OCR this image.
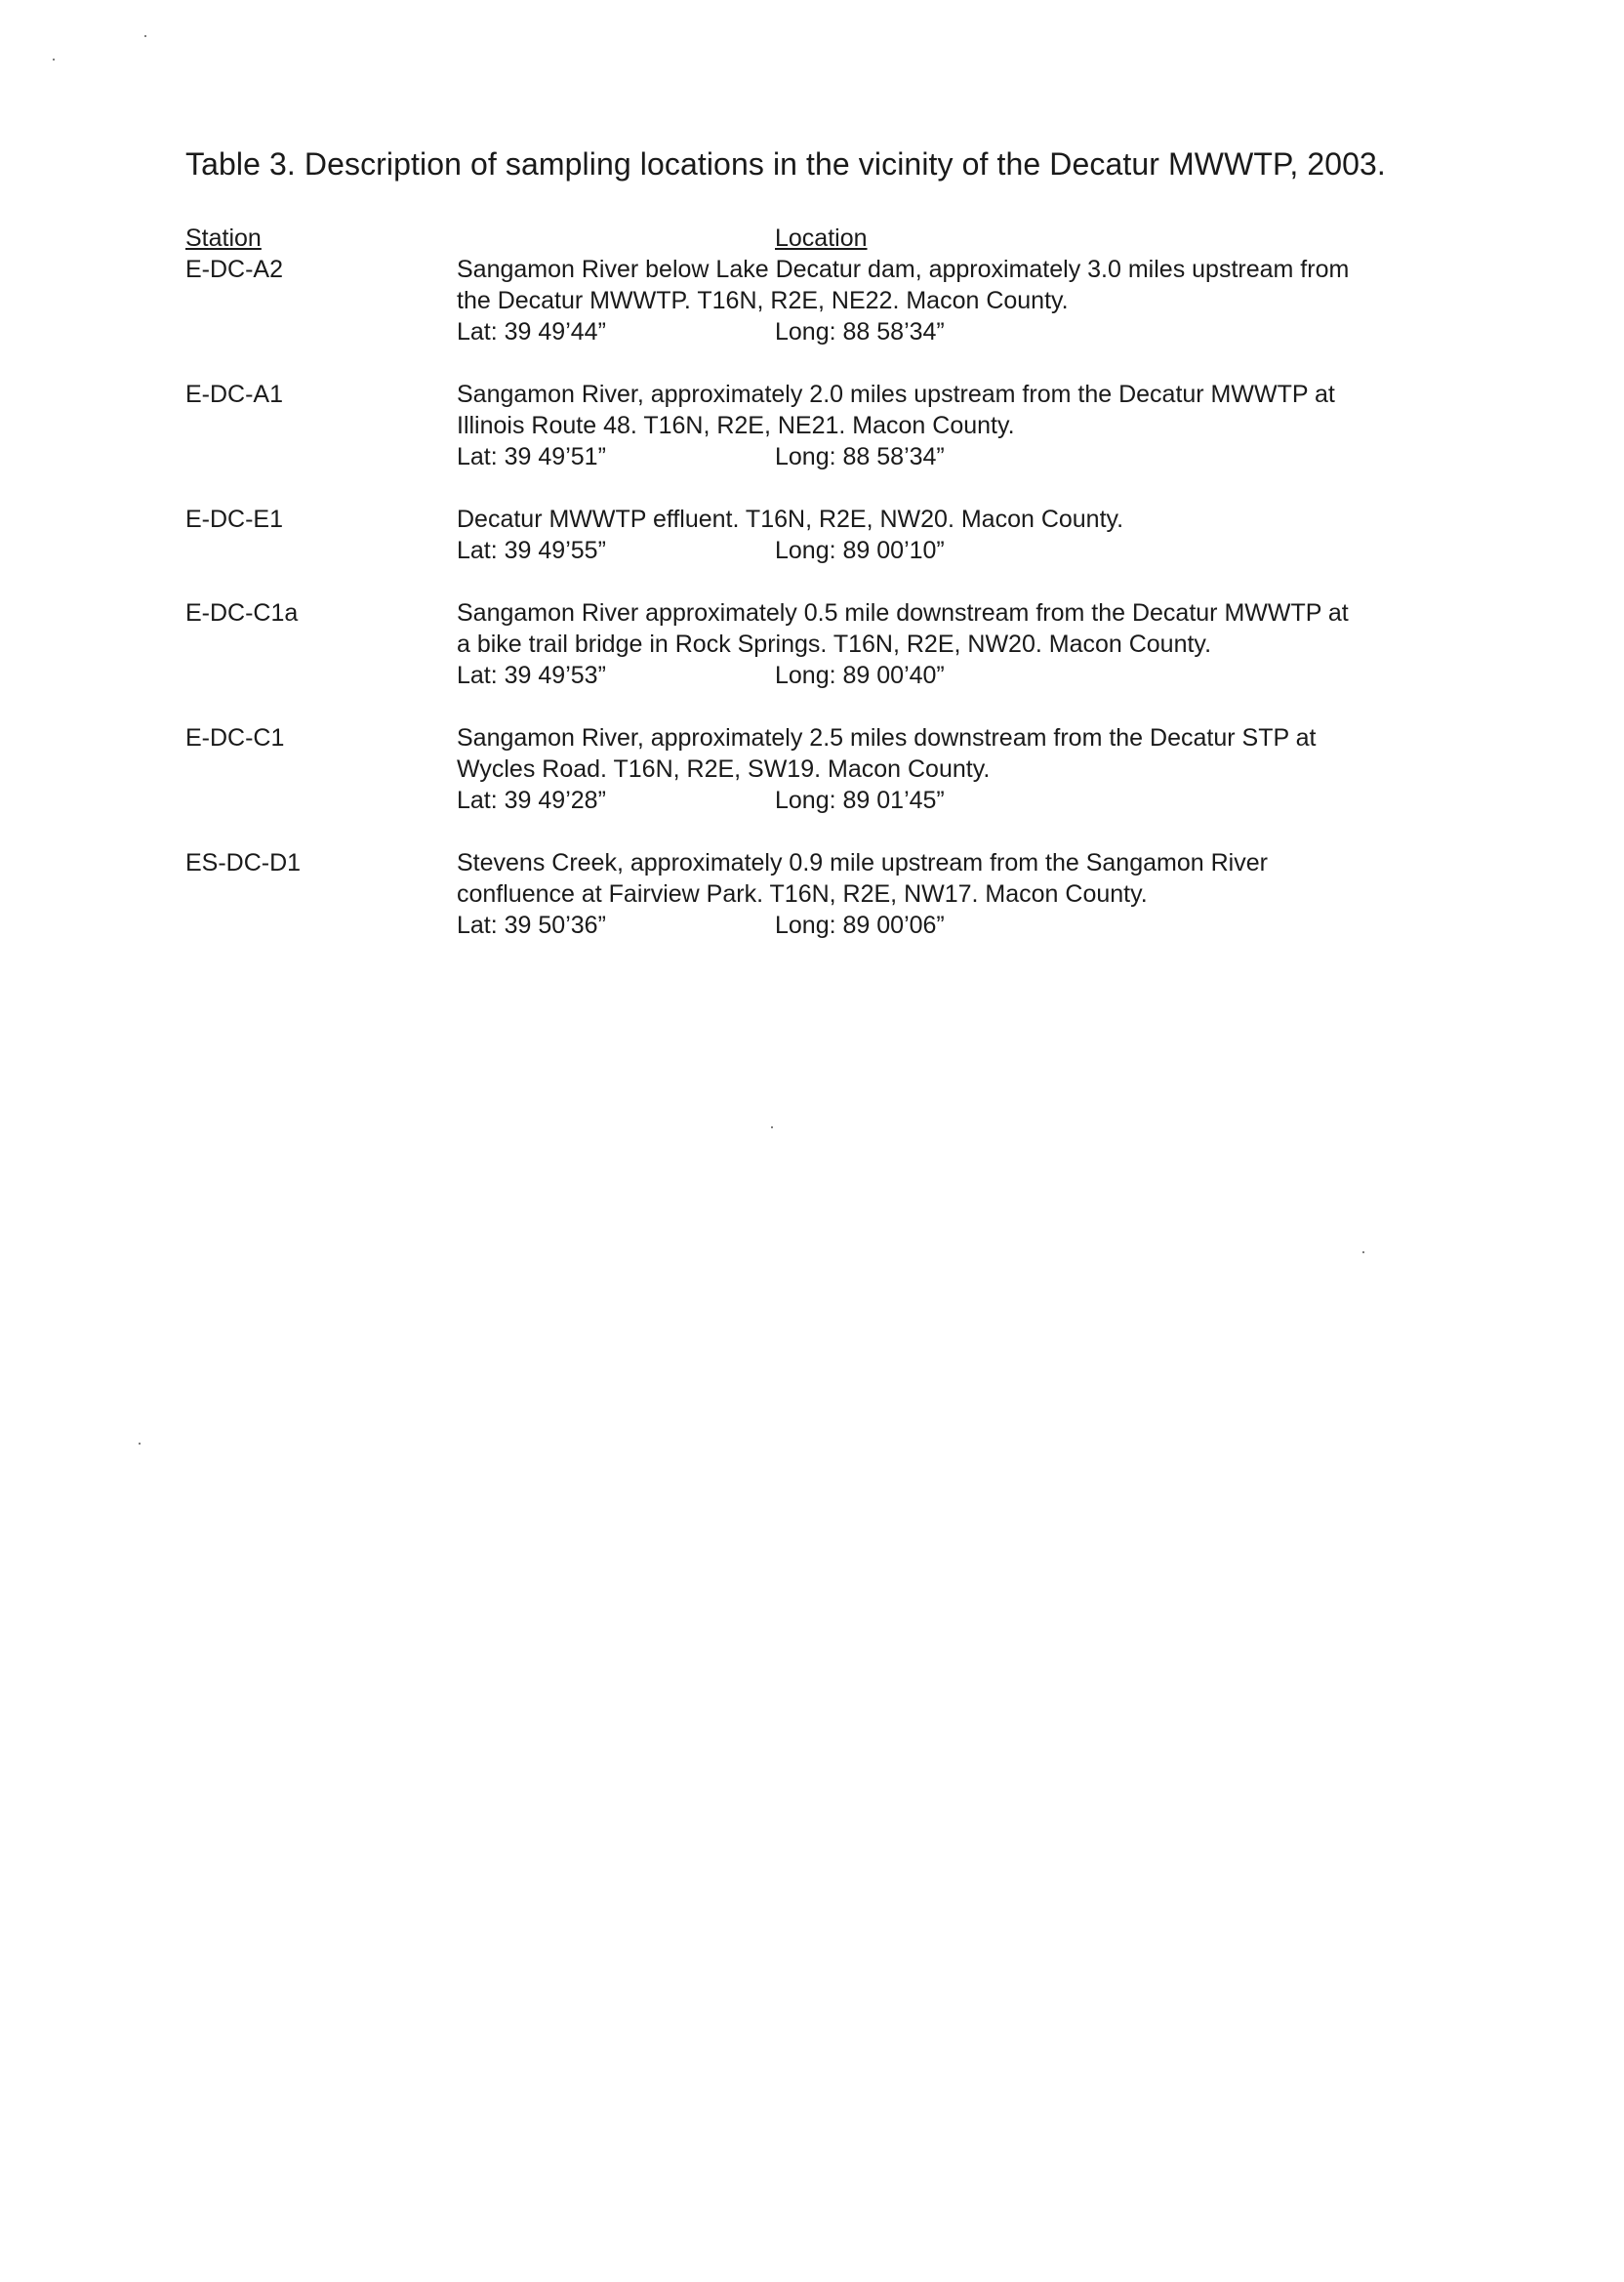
Table 3. Description of sampling locations in the vicinity of the Decatur MWWTP, 2003.
Station	Location
E-DC-A2	Sangamon River below Lake Decatur dam, approximately 3.0 miles upstream from
the Decatur MWWTP. T16N, R2E, NE22. Macon County.
Lat: 39 49’44”	Long: 88 58’34”
E-DC-A1	Sangamon River, approximately 2.0 miles upstream from the Decatur MWWTP at
Illinois Route 48. T16N, R2E, NE21. Macon County.
Lat: 39 49’51”	Long: 88 58’34”
E-DC-E1	Decatur MWWTP effluent. T16N, R2E, NW20. Macon County.
Lat: 39 49’55”	Long: 89 00’10”
E-DC-C1a	Sangamon River approximately 0.5 mile downstream from the Decatur MWWTP at
a bike trail bridge in Rock Springs. T16N, R2E, NW20. Macon County.
Lat: 39 49’53”	Long: 89 00’40”
E-DC-C1	Sangamon River, approximately 2.5 miles downstream from the Decatur STP at
Wycles Road. T16N, R2E, SW19. Macon County.
Lat: 39 49’28”	Long: 89 01’45”
ES-DC-D1	Stevens Creek, approximately 0.9 mile upstream from the Sangamon River
confluence at Fairview Park. T16N, R2E, NW17. Macon County.
Lat: 39 50’36”	Long: 89 00’06”
